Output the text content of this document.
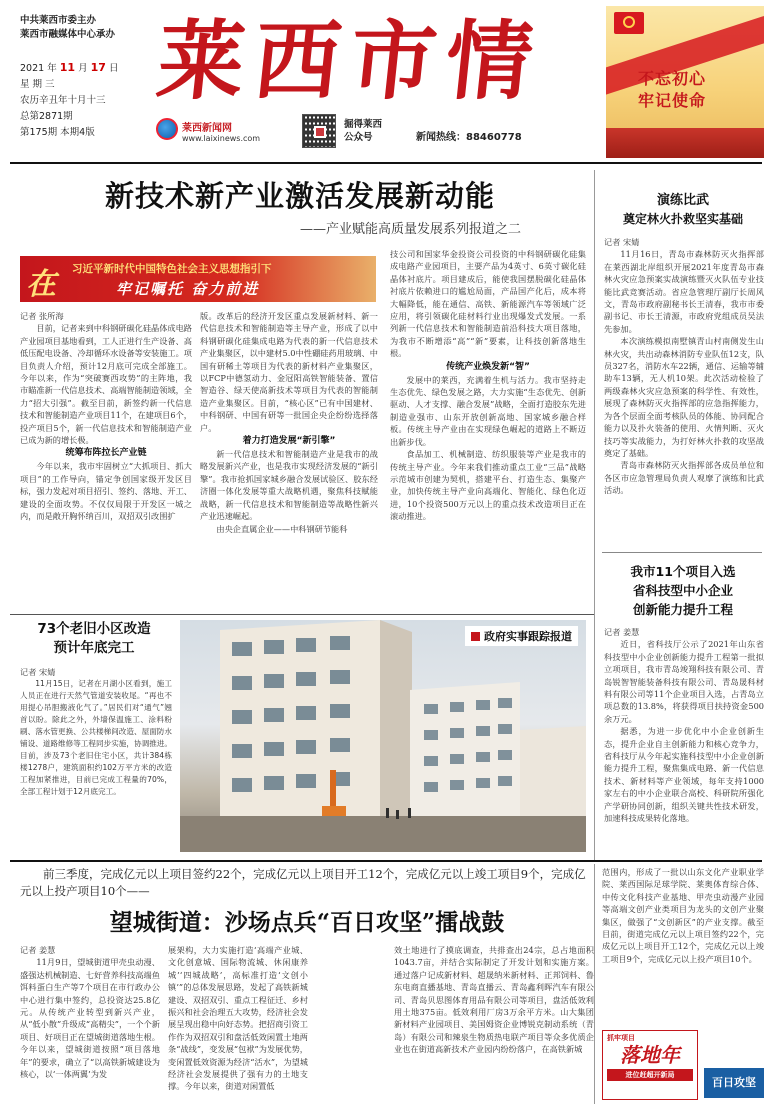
中共莱西市委主办
莱西市融媒体中心承办
2021 年 11 月 17 日
星 期 三
农历辛丑年十月十三
总第2871期
第175期 本期4版
莱西市情
莱西新闻网
www.laixinews.com
掘得莱西
公众号	新闻热线：88460778
不忘初心
牢记使命
新技术新产业激活发展新动能
——产业赋能高质量发展系列报道之二
在 习近平新时代中国特色社会主义思想指引下
牢记嘱托 奋力前进
记者 张所海

目前，记者来到中科钢研碳化硅晶体成电路产业园项目基地看到，工人正进行生产设备、高低压配电设备、冷却循环水设备等安装施工。项目负责人介绍，预计12月底可完成全部施工。今年以来，作为“突破赛西攻势”的主阵地，我市瞄准新一代信息技术、高端智能制造领域，全力“招大引强”。截至目前，新签约新一代信息技术和智能制造产业项目11个，在建项目6个，投产项目5个，新一代信息技术和智能制造产业已成为新的增长极。

统筹布阵拉长产业链

今年以来，我市牢固树立“大抓项目、抓大项目”的工作导向，锚定争创国家级开发区目标，强力发起对项目招引、签约、落地、开工、建设的全面攻势。不仅仅局限于开发区一城之内，而是敞开胸怀纳百川，双招双引改围扩

版。改革后的经济开发区重点发展新材料、新一代信息技术和智能制造等主导产业，形成了以中科钢研碳化硅集成电路为代表的新一代信息技术产业集聚区，以中建材5.0中性硼硅药用玻璃、中国有研稀土等项目为代表的新材料产业集聚区，以FCP中德氢动力、金冠阳高铁智能装备、置信智造谷、绿天使高新技术等项目为代表的智能制造产业集聚区。目前，“核心区”已有中国建材、中科钢研、中国有研等一批国企央企纷纷选择落户。

着力打造发展“新引擎”

新一代信息技术和智能制造产业是我市的战略发展新兴产业，也是我市实现经济发展的“新引擎”。我市抢抓国家城乡融合发展试验区、胶东经济圈一体化发展等重大战略机遇，聚焦科技赋能战略，新一代信息技术和智能制造等战略性新兴产业迅速崛起。

由央企直属企业——中科钢研节能科

技公司和国家华金投资公司投资的中科钢研碳化硅集成电路产业园项目，主要产品为4英寸、6英寸碳化硅晶体衬底片。项目建成后，能使我国摆脱碳化硅晶体衬底片依赖进口的尴尬局面，产品国产化后，成本将大幅降低，能在通信、高铁、新能源汽车等领域广泛应用，将引领碳化硅材料行业出现爆发式发展。一系列新一代信息技术和智能制造前沿科技大项目落地，为我市不断增添“高”“新”要素，让科技创新落地生根。

传统产业焕发新“智”

发展中的莱西，充满着生机与活力。我市坚持走生态优先、绿色发展之路，大力实施“生态优先、创新驱动、人才支撑、融合发展”战略，全面打造胶东先进制造业强市、山东开放创新高地、国家城乡融合样板。传统主导产业由在实现绿色崛起的道路上不断迈出新步伐。

食品加工、机械制造、纺织服装等产业是我市的传统主导产业。今年来我们推动重点工业“三品”战略示范城市创建为契机，搭建平台、打造生态、集聚产业，加快传统主导产业向高端化、智能化、绿色化迈进，10个投资500万元以上的重点技术改造项目正在滚动推进。

演练比武
奠定林火扑救坚实基础
记者 宋婧

11月16日，青岛市森林防灭火指挥部在莱西湖北岸组织开展2021年度青岛市森林火灾应急预案实战演练暨灭火队伍专业技能比武竞赛活动。省应急管理厅副厅长周风文，青岛市政府副秘书长王清春，我市市委副书记、市长王清源，市政府党组成员吴法先参加。

本次演练模拟南墅镇青山村南侧发生山林火灾，共出动森林消防专业队伍12支，队员327名，消防水车22辆，通信、运输等辅助车13辆，无人机10架。此次活动检验了两级森林火灾应急预案的科学性、有效性，展现了森林防灭火指挥部的应急指挥能力，为各个层面全面考核队员的体能、协同配合能力以及扑火装备的使用、火情判断、灭火技巧等实战能力，为打好林火扑救的攻坚战奠定了基础。

青岛市森林防灭火指挥部各成员单位和各区市应急管理局负责人观摩了演练和比武活动。

我市11个项目入选
省科技型中小企业
创新能力提升工程
记者 姜慧

近日，省科技厅公示了2021年山东省科技型中小企业创新能力提升工程第一批拟立项项目，我市青岛竣翔科技有限公司、青岛锐智智能装备科技有限公司、青岛晟科材料有限公司等11个企业项目入选，占青岛立项总数的13.8%，将获得项目扶持资金500余万元。

据悉，为进一步优化中小企业创新生态，提升企业自主创新能力和核心竞争力，省科技厅从今年起实施科技型中小企业创新能力提升工程，聚焦集成电路、新一代信息技术、新材料等产业领域，每年支持1000家左右的中小企业联合高校、科研院所强化产学研协同创新，组织关键共性技术研发，加速科技成果转化落地。

73个老旧小区改造
预计年底完工
记者 宋婧

11月15日，记者在月湖小区看到，施工人员正在进行天然气管道安装收尾。“再也不用提心吊胆搬液化气了。”居民们对“通气”翘首以盼。除此之外，外墙保温施工、涂料粉刷、落水管更换、公共楼梯间改造、屋面防水铺设、道路维修等工程同步实施，协调推进。目前，涉及73个老旧住宅小区，共计384栋楼1278户，建筑面积约102万平方米的改造工程加紧推进，目前已完成工程量的70%，全部工程计划于12月底完工。

政府实事跟踪报道
前三季度，完成亿元以上项目签约22个，完成亿元以上项目开工12个，完成亿元以上竣工项目9个，完成亿元以上投产项目10个——
望城街道：沙场点兵“百日攻坚”擂战鼓
记者 姜慧

11月9日，望城街道甲壳虫动漫、盛强达机械制造、七好营养科技高端鱼饵料蛋白生产等7个项目在市行政办公中心进行集中签约，总投资达25.8亿元。从传统产业转型到新兴产业，从“低小散”升级成“高精尖”，一个个新项目、好项目正在望城街道落地生根。今年以来，望城街道按照“项目落地年”的要求，确立了“以高铁新城建设为核心，以‘一体两翼’为发

展架构，大力实施打造‘高端产业城、文化创意城、国际物流城、休闲康养城’‘四城战略’，高标准打造‘文创小镇’”的总体发展思路，发起了高铁新城建设、双招双引、重点工程征迁、乡村振兴和社会治理五大攻势，经济社会发展呈现出稳中向好态势。把招商引资工作作为双招双引和盘活低效闲置土地两条“战线”，变发展“包袱”为发展优势，变闲置低效资源为经济“活水”，为望城经济社会发展提供了强有力的土地支撑。今年以来，街道对闲置低

效土地进行了摸底调查，共排查出24宗，总占地面积1043.7亩，并结合实际制定了开发计划和实施方案。通过落户记成新材料、超晟纳米新材料、正邦饲料、鲁东电商直播基地、青岛直播云、青岛鑫利晖汽车有限公司、青岛贝思图体育用品有限公司等项目，盘活低效利用土地375亩。低效利用厂房3万余平方米。山大集团新材料产业园项目、美国姆资企业博锐克制动系统（青岛）有限公司和辣泉生物质热电联产项目等众多优质企业也在街道高新技术产业园内纷纷落户，在高铁新城

范围内，形成了一批以山东文化产业职业学院、莱西国际足球学院、莱奥体育综合体、中传文化科技产业基地、甲壳虫动漫产业园等高端文创产业类项目为龙头的文创产业聚集区，做强了“文创新区”的产业支撑。截至目前，街道完成亿元以上项目签约22个，完成亿元以上项目开工12个，完成亿元以上竣工项目9个，完成亿元以上投产项目10个。

抓牢项目
落地年
进位赶超开新局
百日攻坚
